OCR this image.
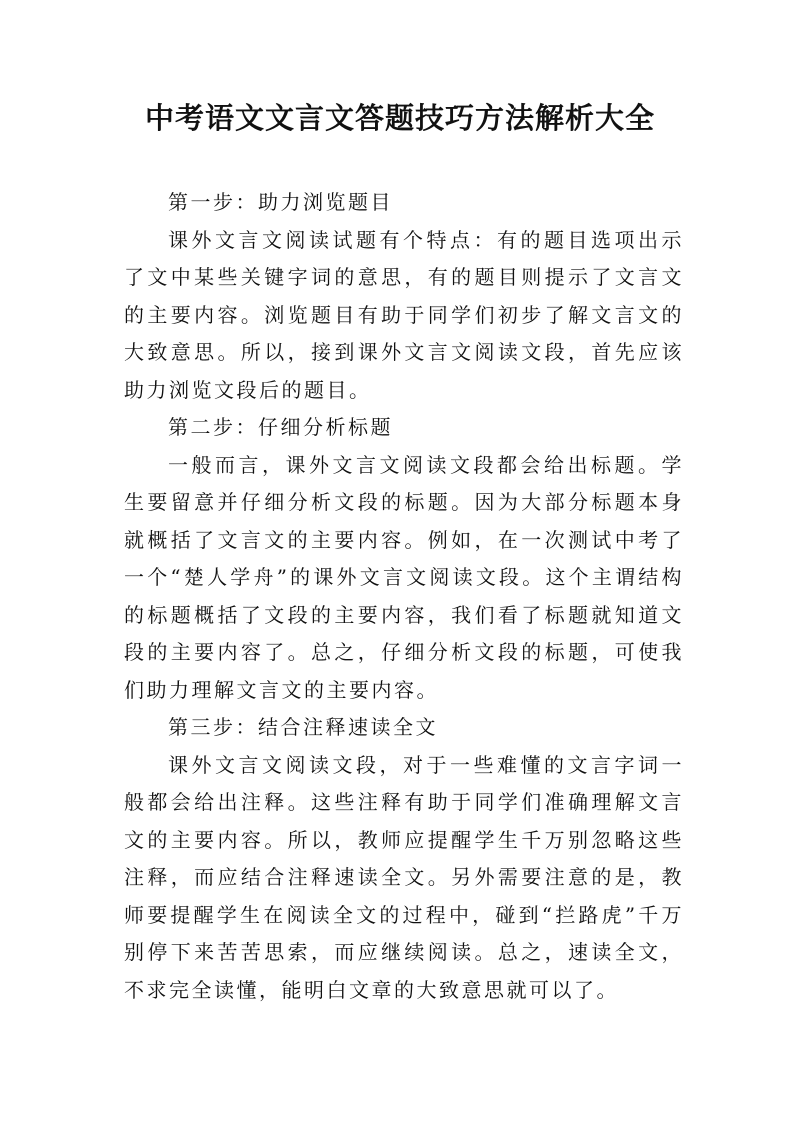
中考语文文言文答题技巧方法解析大全

第一步：助力浏览题目

课外文言文阅读试题有个特点：有的题目选项出示了文中某些关键字词的意思，有的题目则提示了文言文的主要内容。浏览题目有助于同学们初步了解文言文的大致意思。所以，接到课外文言文阅读文段，首先应该助力浏览文段后的题目。

第二步：仔细分析标题

一般而言，课外文言文阅读文段都会给出标题。学生要留意并仔细分析文段的标题。因为大部分标题本身就概括了文言文的主要内容。例如，在一次测试中考了一个“楚人学舟”的课外文言文阅读文段。这个主谓结构的标题概括了文段的主要内容，我们看了标题就知道文段的主要内容了。总之，仔细分析文段的标题，可使我们助力理解文言文的主要内容。

第三步：结合注释速读全文

课外文言文阅读文段，对于一些难懂的文言字词一般都会给出注释。这些注释有助于同学们准确理解文言文的主要内容。所以，教师应提醒学生千万别忽略这些注释，而应结合注释速读全文。另外需要注意的是，教师要提醒学生在阅读全文的过程中，碰到“拦路虎”千万别停下来苦苦思索，而应继续阅读。总之，速读全文，不求完全读懂，能明白文章的大致意思就可以了。
